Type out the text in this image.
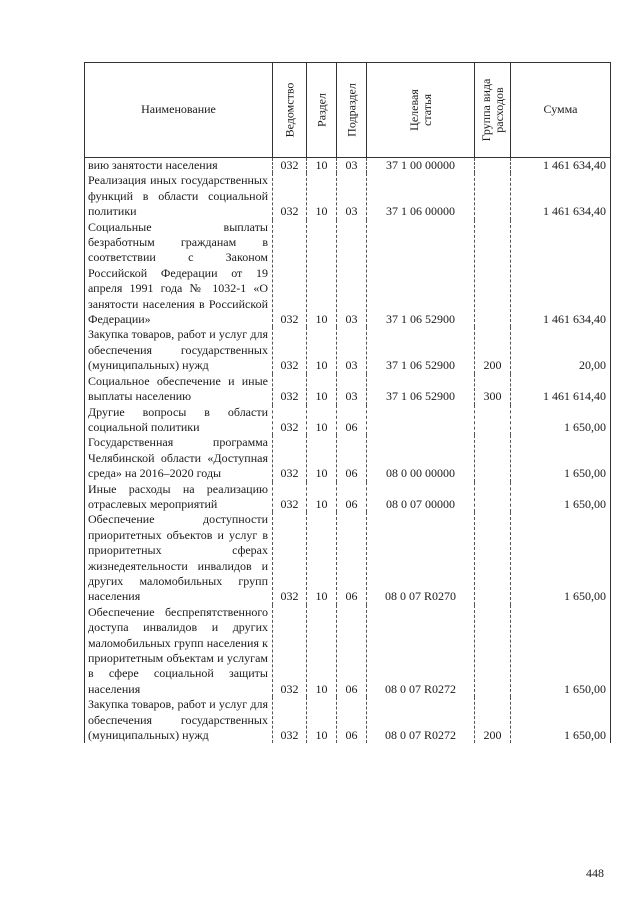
Наименование	Ведомство	Раздел	Подраздел	Целевая статья	Группа вида расходов	Сумма
вию занятости населения	032	10	03	37 1 00 00000		1 461 634,40
Реализация иных государственных функций в области социальной политики	032	10	03	37 1 06 00000		1 461 634,40
Социальные выплаты безработным гражданам в соответствии с Законом Российской Федерации от 19 апреля 1991 года № 1032-1 «О занятости населения в Российской Федерации»	032	10	03	37 1 06 52900		1 461 634,40
Закупка товаров, работ и услуг для обеспечения государственных (муниципальных) нужд	032	10	03	37 1 06 52900	200	20,00
Социальное обеспечение и иные выплаты населению	032	10	03	37 1 06 52900	300	1 461 614,40
Другие вопросы в области социальной политики	032	10	06			1 650,00
Государственная программа Челябинской области «Доступная среда» на 2016–2020 годы	032	10	06	08 0 00 00000		1 650,00
Иные расходы на реализацию отраслевых мероприятий	032	10	06	08 0 07 00000		1 650,00
Обеспечение доступности приоритетных объектов и услуг в приоритетных сферах жизнедеятельности инвалидов и других маломобильных групп населения	032	10	06	08 0 07 R0270		1 650,00
Обеспечение беспрепятственного доступа инвалидов и других маломобильных групп населения к приоритетным объектам и услугам в сфере социальной защиты населения	032	10	06	08 0 07 R0272		1 650,00
Закупка товаров, работ и услуг для обеспечения государственных (муниципальных) нужд	032	10	06	08 0 07 R0272	200	1 650,00
448
